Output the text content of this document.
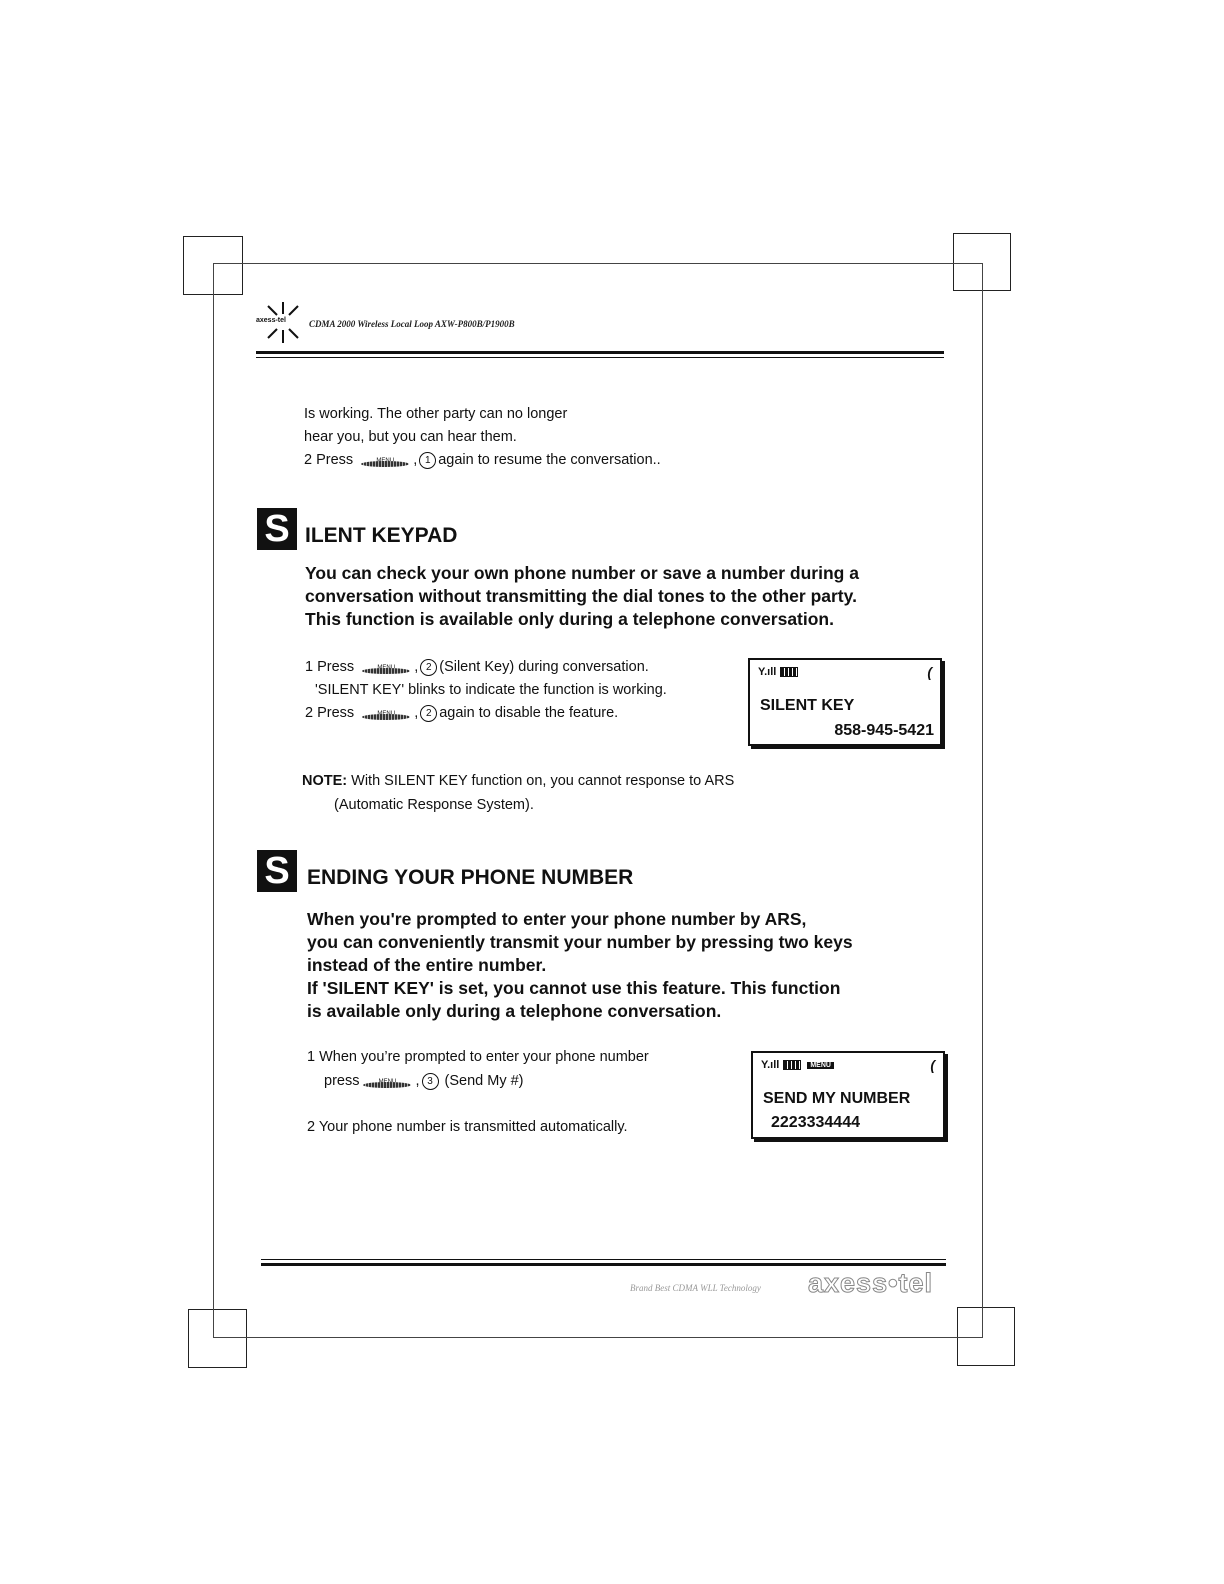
axess-tel	CDMA 2000 Wireless Local Loop AXW-P800B/P1900B
Is working. The other party can no longer
hear you, but you can hear them.
2 Press	, 1 again to resume the conversation..
S ILENT KEYPAD
You can check your own phone number or save a number during a
conversation without transmitting the dial tones to the other party.
This function is available only during a telephone conversation.
1 Press	, 2 (Silent Key) during conversation.
'SILENT KEY' blinks to indicate the function is working.
2 Press	, 2 again to disable the feature.
Y.ıll	(
SILENT KEY
858-945-5421
NOTE: With SILENT KEY function on, you cannot response to ARS
(Automatic Response System).
S ENDING YOUR PHONE NUMBER
When you're prompted to enter your phone number by ARS,
you can conveniently transmit your number by pressing two keys
instead of the entire number.
If 'SILENT KEY' is set, you cannot use this feature. This function
is available only during a telephone conversation.
1 When you’re prompted to enter your phone number
press	, 3 (Send My #)
2 Your phone number is transmitted automatically.
Y.ıll	MENU	(
SEND MY NUMBER
2223334444
Brand Best CDMA WLL Technology axess•tel
